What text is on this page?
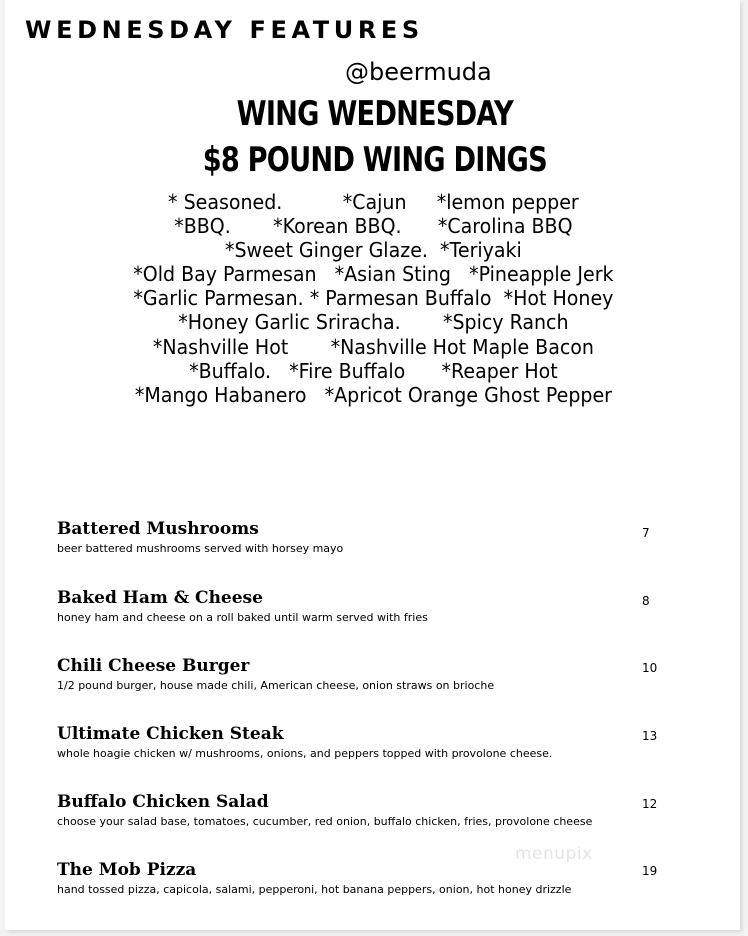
WEDNESDAY FEATURES
@beermuda
WING WEDNESDAY
$8 POUND WING DINGS
* Seasoned.          *Cajun     *lemon pepper
*BBQ.       *Korean BBQ.      *Carolina BBQ
*Sweet Ginger Glaze.  *Teriyaki
*Old Bay Parmesan   *Asian Sting   *Pineapple Jerk
*Garlic Parmesan. * Parmesan Buffalo  *Hot Honey
*Honey Garlic Sriracha.       *Spicy Ranch
*Nashville Hot       *Nashville Hot Maple Bacon
*Buffalo.   *Fire Buffalo      *Reaper Hot
*Mango Habanero   *Apricot Orange Ghost Pepper
Battered Mushrooms
beer battered mushrooms served with horsey mayo
7
Baked Ham & Cheese
honey ham and cheese on a roll baked until warm served with fries
8
Chili Cheese Burger
1/2 pound burger, house made chili, American cheese, onion straws on brioche
10
Ultimate Chicken Steak
whole hoagie chicken w/ mushrooms, onions, and peppers topped with provolone cheese.
13
Buffalo Chicken Salad
choose your salad base, tomatoes, cucumber, red onion, buffalo chicken, fries, provolone cheese
12
The Mob Pizza
hand tossed pizza, capicola, salami, pepperoni, hot banana peppers, onion, hot honey drizzle
19
menupix
